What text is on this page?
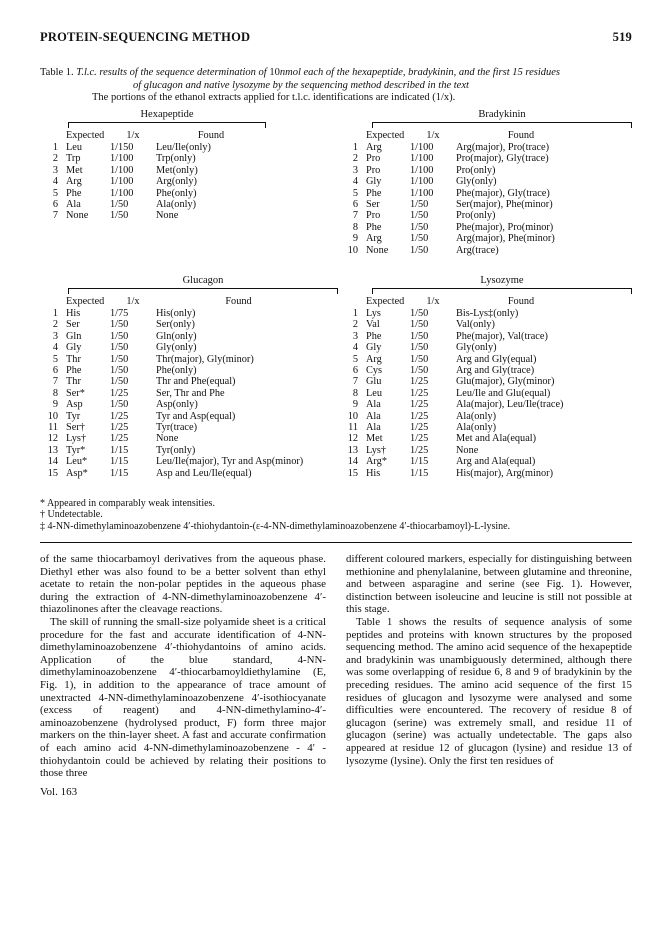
PROTEIN-SEQUENCING METHOD	519
Table 1. T.l.c. results of the sequence determination of 10nmol each of the hexapeptide, bradykinin, and the first 15 residues
of glucagon and native lysozyme by the sequencing method described in the text
The portions of the ethanol extracts applied for t.l.c. identifications are indicated (1/x).
Hexapeptide	Bradykinin
	Expected	1/x	Found
1	Leu	1/150	Leu/Ile(only)
2	Trp	1/100	Trp(only)
3	Met	1/100	Met(only)
4	Arg	1/100	Arg(only)
5	Phe	1/100	Phe(only)
6	Ala	1/50	Ala(only)
7	None	1/50	None
	Expected	1/x	Found
1	Arg	1/100	Arg(major), Pro(trace)
2	Pro	1/100	Pro(major), Gly(trace)
3	Pro	1/100	Pro(only)
4	Gly	1/100	Gly(only)
5	Phe	1/100	Phe(major), Gly(trace)
6	Ser	1/50	Ser(major), Phe(minor)
7	Pro	1/50	Pro(only)
8	Phe	1/50	Phe(major), Pro(minor)
9	Arg	1/50	Arg(major), Phe(minor)
10	None	1/50	Arg(trace)
Glucagon	Lysozyme
	Expected	1/x	Found
1	His	1/75	His(only)
2	Ser	1/50	Ser(only)
3	Gln	1/50	Gln(only)
4	Gly	1/50	Gly(only)
5	Thr	1/50	Thr(major), Gly(minor)
6	Phe	1/50	Phe(only)
7	Thr	1/50	Thr and Phe(equal)
8	Ser*	1/25	Ser, Thr and Phe
9	Asp	1/50	Asp(only)
10	Tyr	1/25	Tyr and Asp(equal)
11	Ser†	1/25	Tyr(trace)
12	Lys†	1/25	None
13	Tyr*	1/15	Tyr(only)
14	Leu*	1/15	Leu/Ile(major), Tyr and Asp(minor)
15	Asp*	1/15	Asp and Leu/Ile(equal)
	Expected	1/x	Found
1	Lys	1/50	Bis-Lys‡(only)
2	Val	1/50	Val(only)
3	Phe	1/50	Phe(major), Val(trace)
4	Gly	1/50	Gly(only)
5	Arg	1/50	Arg and Gly(equal)
6	Cys	1/50	Arg and Gly(trace)
7	Glu	1/25	Glu(major), Gly(minor)
8	Leu	1/25	Leu/Ile and Glu(equal)
9	Ala	1/25	Ala(major), Leu/Ile(trace)
10	Ala	1/25	Ala(only)
11	Ala	1/25	Ala(only)
12	Met	1/25	Met and Ala(equal)
13	Lys†	1/25	None
14	Arg*	1/15	Arg and Ala(equal)
15	His	1/15	His(major), Arg(minor)
* Appeared in comparably weak intensities.
† Undetectable.
‡ 4-NN-dimethylaminoazobenzene 4′-thiohydantoin-(ε-4-NN-dimethylaminoazobenzene 4′-thiocarbamoyl)-L-lysine.

of the same thiocarbamoyl derivatives from the aqueous phase. Diethyl ether was also found to be a better solvent than ethyl acetate to retain the non-polar peptides in the aqueous phase during the extraction of 4-NN-dimethylaminoazobenzene 4′-thiazolinones after the cleavage reactions.

The skill of running the small-size polyamide sheet is a critical procedure for the fast and accurate identification of 4-NN-dimethylaminoazobenzene 4′-thiohydantoins of amino acids. Application of the blue standard, 4-NN-dimethylaminoazobenzene 4′-thiocarbamoyldiethylamine (E, Fig. 1), in addition to the appearance of trace amount of unextracted 4-NN-dimethylaminoazobenzene 4′-isothiocyanate (excess of reagent) and 4-NN-dimethylamino-4′-aminoazobenzene (hydrolysed product, F) form three major markers on the thin-layer sheet. A fast and accurate confirmation of each amino acid 4-NN-dimethylaminoazobenzene - 4′ - thiohydantoin could be achieved by relating their positions to those three

different coloured markers, especially for distinguishing between methionine and phenylalanine, between glutamine and threonine, and between asparagine and serine (see Fig. 1). However, distinction between isoleucine and leucine is still not possible at this stage.

Table 1 shows the results of sequence analysis of some peptides and proteins with known structures by the proposed sequencing method. The amino acid sequence of the hexapeptide and bradykinin was unambiguously determined, although there was some overlapping of residue 6, 8 and 9 of bradykinin by the preceding residues. The amino acid sequence of the first 15 residues of glucagon and lysozyme were analysed and some difficulties were encountered. The recovery of residue 8 of glucagon (serine) was extremely small, and residue 11 of glucagon (serine) was actually undetectable. The gaps also appeared at residue 12 of glucagon (lysine) and residue 13 of lysozyme (lysine). Only the first ten residues of

Vol. 163
